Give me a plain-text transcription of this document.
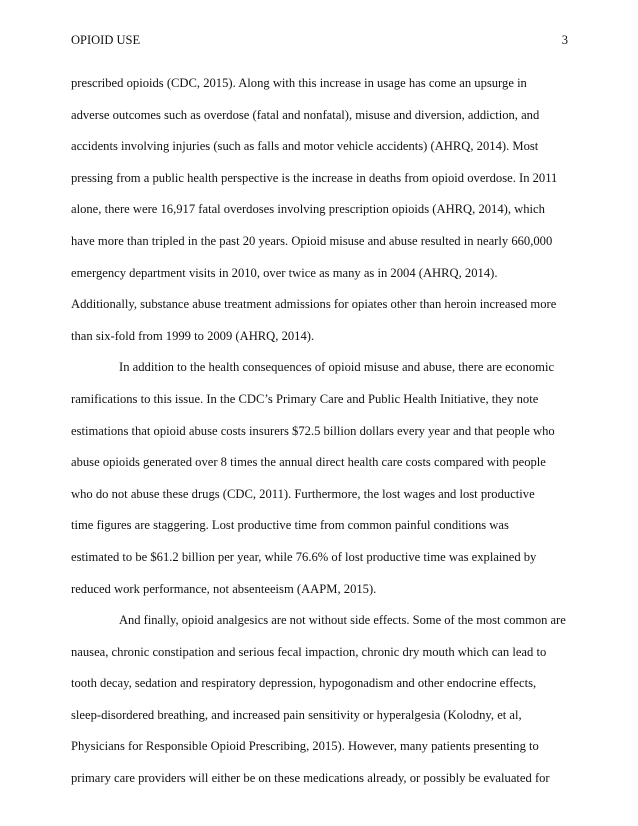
OPIOID USE	3
prescribed opioids (CDC, 2015). Along with this increase in usage has come an upsurge in
adverse outcomes such as overdose (fatal and nonfatal), misuse and diversion, addiction, and
accidents involving injuries (such as falls and motor vehicle accidents) (AHRQ, 2014). Most
pressing from a public health perspective is the increase in deaths from opioid overdose. In 2011
alone, there were 16,917 fatal overdoses involving prescription opioids (AHRQ, 2014), which
have more than tripled in the past 20 years. Opioid misuse and abuse resulted in nearly 660,000
emergency department visits in 2010, over twice as many as in 2004 (AHRQ, 2014).
Additionally, substance abuse treatment admissions for opiates other than heroin increased more
than six-fold from 1999 to 2009 (AHRQ, 2014).
In addition to the health consequences of opioid misuse and abuse, there are economic
ramifications to this issue. In the CDC’s Primary Care and Public Health Initiative, they note
estimations that opioid abuse costs insurers $72.5 billion dollars every year and that people who
abuse opioids generated over 8 times the annual direct health care costs compared with people
who do not abuse these drugs (CDC, 2011). Furthermore, the lost wages and lost productive
time figures are staggering. Lost productive time from common painful conditions was
estimated to be $61.2 billion per year, while 76.6% of lost productive time was explained by
reduced work performance, not absenteeism (AAPM, 2015).
And finally, opioid analgesics are not without side effects. Some of the most common are
nausea, chronic constipation and serious fecal impaction, chronic dry mouth which can lead to
tooth decay, sedation and respiratory depression, hypogonadism and other endocrine effects,
sleep-disordered breathing, and increased pain sensitivity or hyperalgesia (Kolodny, et al,
Physicians for Responsible Opioid Prescribing, 2015). However, many patients presenting to
primary care providers will either be on these medications already, or possibly be evaluated for
